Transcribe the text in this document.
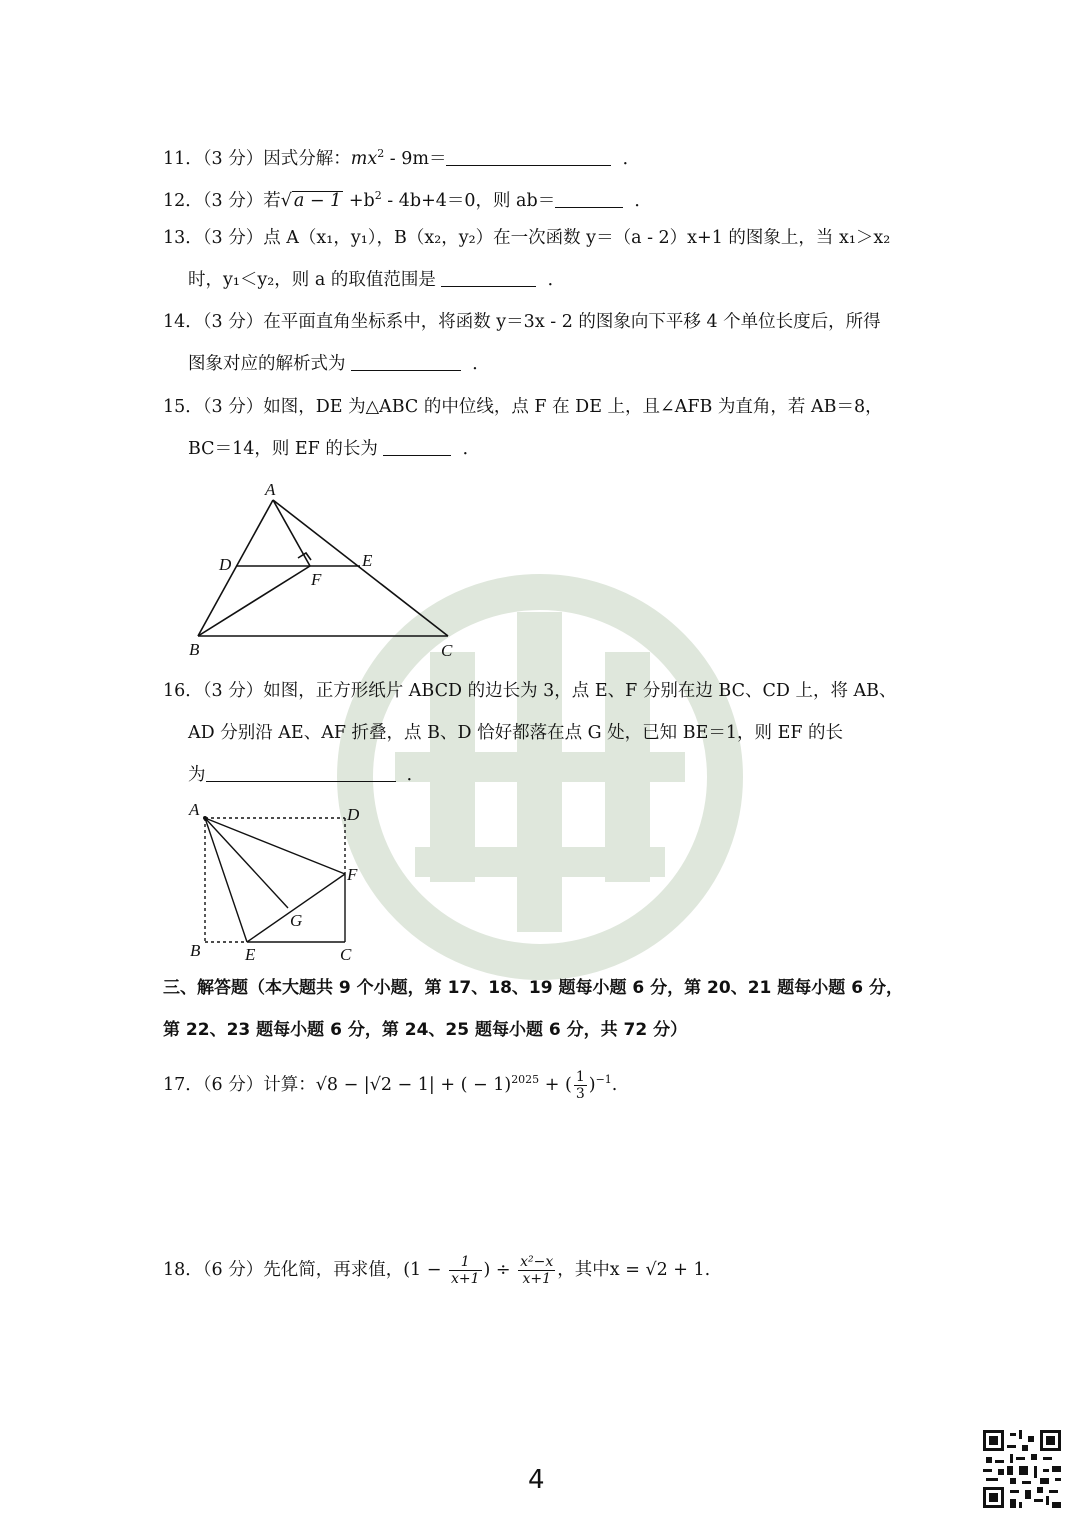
11．（3 分）因式分解：$mx^2 - 9m=$	．
12．（3 分）若√ $a - 1 +b^2 - 4b+4=0$，则 ab＝	．
13．（3 分）点 A（x₁，y₁），B（x₂，y₂）在一次函数 y＝（a - 2）x+1 的图象上，当 x₁＞x₂
时，y₁＜y₂，则 a 的取值范围是	．
14．（3 分）在平面直角坐标系中，将函数 y＝3x - 2 的图象向下平移 4 个单位长度后，所得
图象对应的解析式为	．
15．（3 分）如图，DE 为△ABC 的中位线，点 F 在 DE 上，且∠AFB 为直角，若 AB＝8，
BC＝14，则 EF 的长为	．
A
D	E
F
B	C
16．（3 分）如图，正方形纸片 ABCD 的边长为 3，点 E、F 分别在边 BC、CD 上，将 AB、
AD 分别沿 AE、AF 折叠，点 B、D 恰好都落在点 G 处，已知 BE＝1，则 EF 的长
为	．
A	D
F
G
B	E	C
三、解答题（本大题共 9 个小题，第 17、18、19 题每小题 6 分，第 20、21 题每小题 6 分，
第 22、23 题每小题 6 分，第 24、25 题每小题 6 分，共 72 分）
17．（6 分）计算：√8 − |√2 − 1| + ( − 1)$^{2025}$ + ( $\frac{1}{3} )^{-1}$.
18．（6 分）先化简，再求值，($1 - \frac{1}{x+1}$ ) ÷ $\frac{\text{x²−x}}{x+1}$ ，其中x = √2 + 1.
4
